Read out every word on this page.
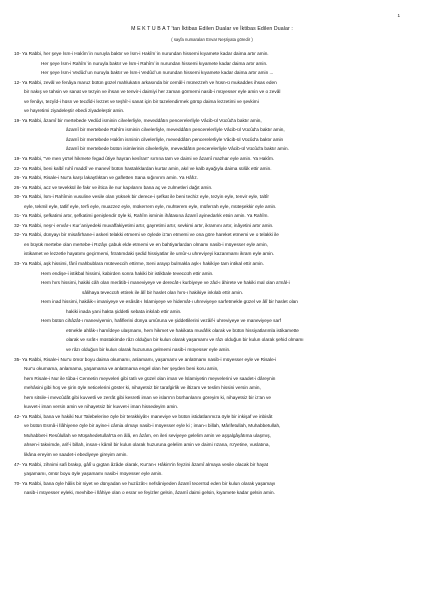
1
M E K T U B A T 'tan İktibas Edilen Dualar ve İktibas Edilen Dualar :
( sayfa numaraları Envar Neşriyata göredir )
10- Ya Rabbi, her şeye İsm-i Hakîm`in nuruyla baktır ve İsm-i Hakîm`in nurundan hissemi kıyamete kadar daima artır amin.
Her şeye İsm-i Rahîm`in nuruyla baktır ve İsm-i Rahîm`in nurundan hissemi kıyamete kadar daima artır amin.
Her şeye İsm-i Vedûd`un nuruyla baktır ve İsm-i Vedûd`un nurundan hissemi kıyamete kadar daima artır amin ...
12- Ya Rabbi, zevâl ve fenâya maruz bütün güzel mahlukatın arkasında bir cemâl-i münezzeh ve hüsn-ü mukaddes ihsas eden
bir nakış ve tahsin ve sanat ve tezyin ve ihsan ve tenvir-i daimiyi her zaman görmemi nasib-i müyesser eyle amin ve o zevâl
ve fenâyı, tezyîd-i hüsn ve tecdîd-i lezzet ve teşhîr-i sanat için bir tazelendirmek görüp daima lezzetimi ve şevkimi
ve hayretimi ziyadeleştir ebedi ziyadeleştir amin.
19- Ya Rabbi, âzamî bir mertebede Vedûd isminin cilvelerliyle, meveddâtın pencerelerliyle Vâcib-ül Vücûd'a baktır amin,
âzamî bir mertebede Rahîm isminin cilvelerliyle, meveddâtın pencerelerliyle Vâcib-ül Vücûd'a baktır amin,
âzamî bir mertebede Hakîm isminin cilvelerliyle, meveddâtın pencerelerliyle Vâcib-ül Vücûd'a baktır amin
âzamî bir mertebede bütün isimlerinin cilvelerliyle, meveddâtın pencerelerliyle Vâcib-ül Vücûd'a baktır amin.
19- Ya Rabbi, "Ve men yü'tel hikmete fegad ûtiye hayran kesîran" sırrına tam ve daimi ve âzamî mazhar eyle amin. Ya Hakîm.
22- Ya Rabbi, beni kalbî ruhî maddî ve manevî bütün hastalıklardan kurtar amin, akıl ve kalb ayağıyla daima sülûk ettir amin.
26- Ya Rabbi, Risale-i Nur'a karşı lakaytlıktan ve gafletten Sana sığınırım amin. Ya Hâfız.
26- Ya Rabbi, acz ve tevekkül ile fakr ve iltica ile nur kapılarını bana aç ve zulmetleri dağıt amin.
30- Ya Rabbi, İsm-i Rahîmin vusuline vesile olan yüksek bir derece-i şefkat ile beni techiz eyle, tezyin eyle, tenvir eyle, taltîr
eyle, tekmil eyle, tatlif eyle, terfi eyle, muazzez eyle, mükerrem eyle, muhterem eyle, müferrah eyle, müteşekkir eyle amin.
31- Ya Rabbi, şefkatimi artır, şefkatimi genişlendir öyle ki, Rahîm isminin ihâtasına âzamî ayinedarlık etsin amin. Ya Rahîm.
32- Ya Rabbi, neşr-i envâr-ı Kur`aniyedeki muvaffakiyetimi artır, gayretimi artır, sevkimi artır, ikramını artır, inâyetini artır amin.
32- Ya Rabbi, dünyayı bir misafirhane-i askeri telakki etmemi ve öylede iz'an etmemi ve ona göre hareket etmemi ve o telakki ile
en büyük mertebe olan mertebe-i Rızâyı çabuk elde etmemi ve en bahtiyarlardan olmamı nasib-i müyesser eyle amin,
istikamet ve lezzetle hayatımı geçirmemi, fıtratımdaki şedid hissiyatlar ile umûr-u uhreviyeyi kazanmamı ikram eyle amin.
33- Ya Rabbi, aşk hissimi, fânî mahbublara müteveccih ettirme, Seni arayıp bulmakla aşk-ı hakikiye tam intikal ettir amin.
Hem endişe-i istikbal hissimi, kabirden sonra hakiki bir istikbale teveccüh ettir amin.
Hem hırs hissimi, hakiki câh olan merâtib-i maneviyeye ve derecât-ı kurbiyeye ve zâd-ı âhirete ve hakiki mal olan a'mâl-i
sâlihaya teveccüh ettirek ile âlî bir haslet olan hırs-ı hakikiye inkılab ettir amin.
Hem inad hissimi, hakâik-ı imaniyeye ve esâsât-ı İslamiyeye ve hidemât-ı uhreviyeye sarfetmekle güzel ve âlî bir haslet olan
hakiki inada yani hakta şiddetli sebata inkılab ettir amin.
Hem bütün cihâzât-ı maneviyemin, hafiflerini dünya umûruna ve şiddetlilerini vezâif-i uhreviyeye ve maneviyeye sarf
etmekle ahlâk-ı hamîdeye ulaşmamı, hem hikmet ve hakikata muvâfık olarak ve bütün hissiyatlarımla istikamette
olarak ve sırât-ı müstakimde râzı olduğun bir kulun olarak yaşamamı ve râzı olduğun bir kulun olarak şehid olmamı
ve râzı olduğun bir kulun olarak huzuruna gelmemi nasib-i müyesser eyle amin.
35- Ya Rabbi, Risale-i Nur'u ömür boyu daima okumamı, anlamamı, yaşamamı ve anlatmamı nasib-i müyesser eyle ve Risale-i
Nur'u okumama, anlamama, yaşamama ve anlatmama engel olan her şeyden beni koru amin,
hem Risale-i Nur ile tûba-i Cennetin meyveleri gibi tatlı ve güzel olan iman ve İslamiyetin meyvelerini ve saadet-i dâreynin
mehâsini gibi hoş ve şirin öyle neticelerini göster ki, nihayetsiz bir tarafgirlik ve iltizam ve teslim hissini versin amin,
hem sitsile-i mevcûdât gibi kuvvetli ve zerrât gibi kesretli iman ve islam'ın bürhanlarını göreyim ki, nihayetsiz bir iz'an ve
kuvvet-i iman versin amin ve nihayetsiz bir kuvvet-i iman hissedeyim amin.
42- Ya Rabbi, bana ve hakiki Nur Talebelerine öyle bir terakkiyât-ı maneviye ve bütün istidatlarımıza öyle bir inkişaf ve inbisât
ve bütün Esmâ-i İlâhiyene öyle bir ayine-i câmia olmayı nasib-i müyesser eyle ki ; iman-ı billah, Mârifetullah, Muhabbetullah,
Muhabbet-i Resûlullah ve Müşahedetullah'ta en âlâ, en âzâm, en ileri seviyeye gelelim amin ve aşşalgâyâtıma ulaşmış,
ahsen-i takvimde, arif-i billah, insan-ı kâmil bir kulun olarak huzuruna gelelim amin ve daimi rızana, rü'yetine, vuslatına,
likâna ereyim ve saadet-i ebediyeye gireyim amin.
47- Ya Rabbi, zihnimi safi brakıp, gâlî u gıgtan âzâde olarak, Kur'an-ı Hâkim'in feyzini âzamî almaya vesile olacak bir hayat
yaşamamı, ömür boyu öyle yaşamamı nasib-i müyesser eyle amin.
70- Ya Rabbi, bana öyle hâlis bir niyet ve dünyadan ve huzûzât-ı nefsâniyeden âzamî tecerrüd eden bir kulun olarak yaşamayı
nasib-i müyesser eyleki, mevhibe-i İlâhiye olan o esrar ve feyizler gelsin, âzamî daimi gelsin, kıyamete kadar gelsin amin.
